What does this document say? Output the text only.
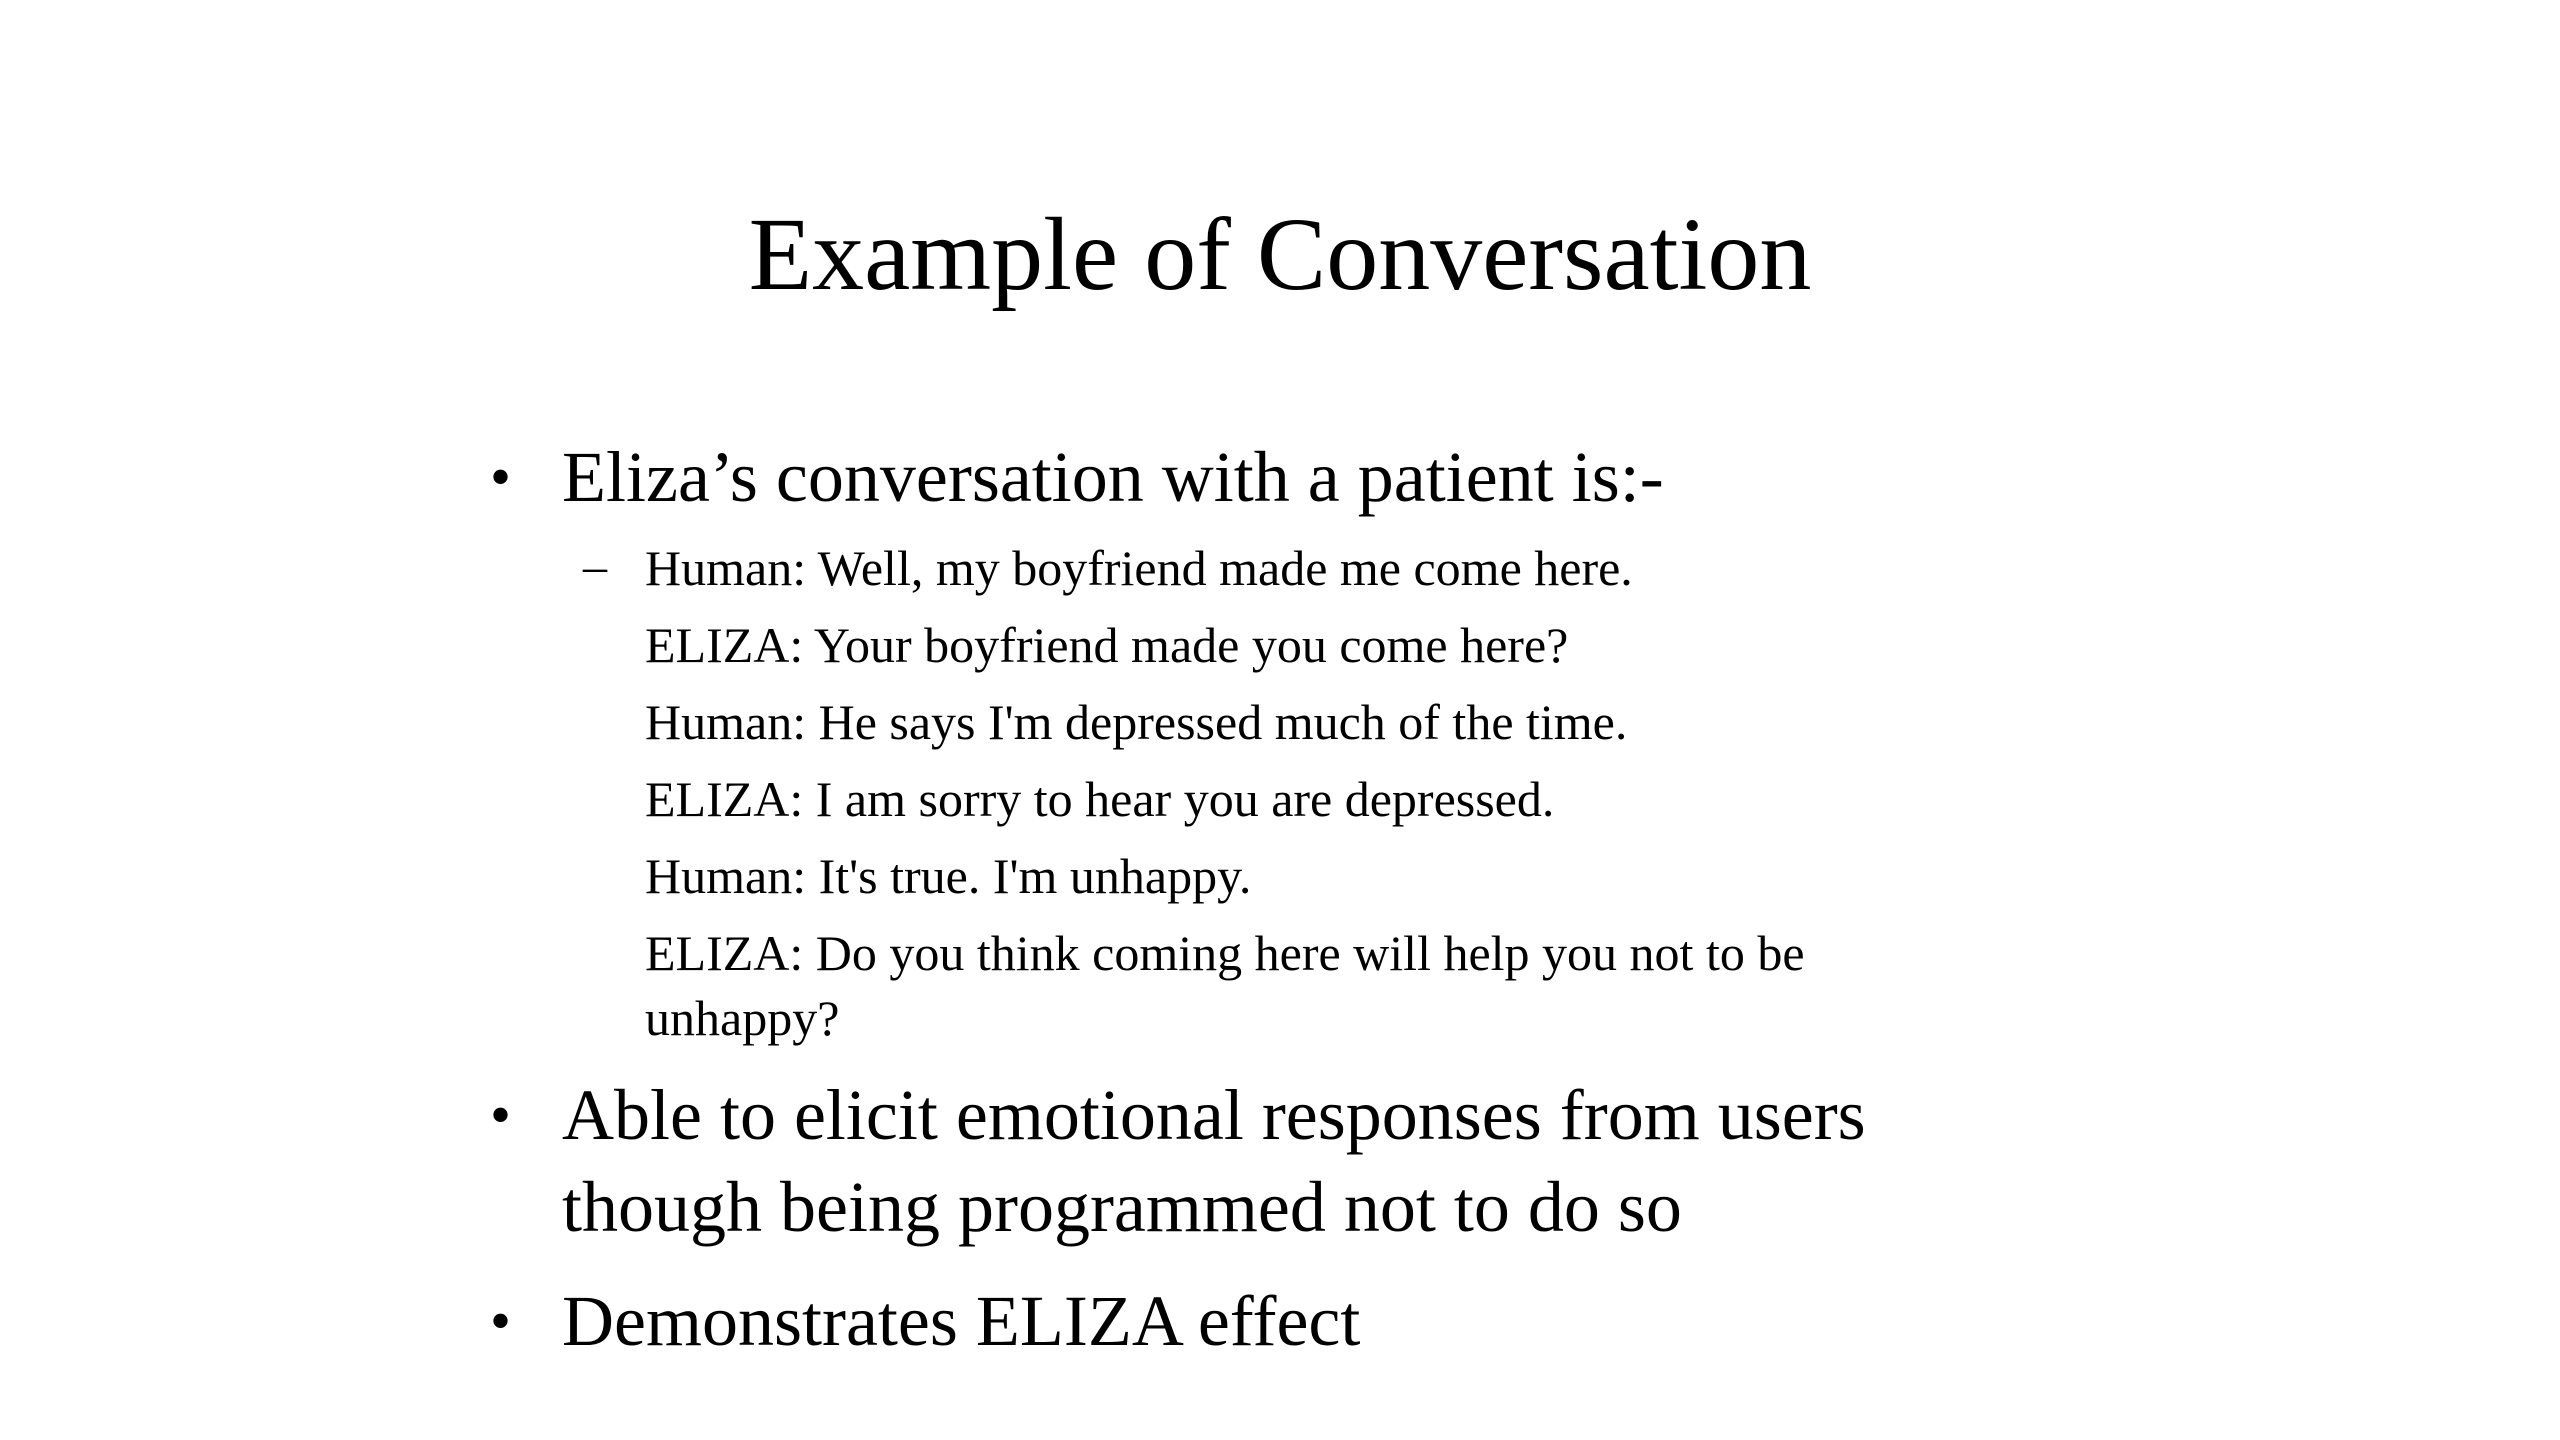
Example of Conversation
• Eliza’s conversation with a patient is:-
– Human: Well, my boyfriend made me come here.
ELIZA: Your boyfriend made you come here?
Human: He says I'm depressed much of the time.
ELIZA: I am sorry to hear you are depressed.
Human: It's true. I'm unhappy.
ELIZA: Do you think coming here will help you not to be
unhappy?
• Able to elicit emotional responses from users though being programmed not to do so
• Demonstrates ELIZA effect
